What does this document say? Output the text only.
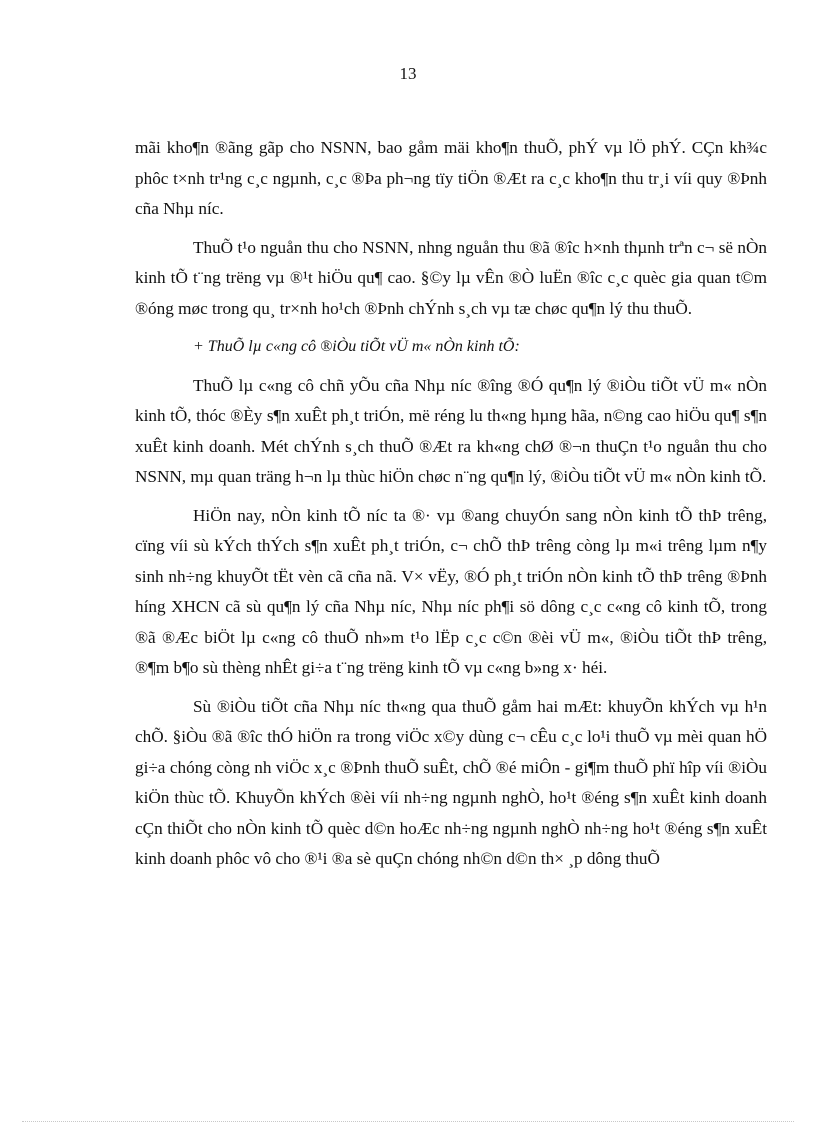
13

mãi kho¶n ®ãng gãp cho NSNN, bao gåm mäi kho¶n thuÕ, phÝ vµ lÖ phÝ. CÇn kh¾c phôc t×nh tr¹ng c¸c ngµnh, c¸c ®Þa ph¬ng tïy tiÖn ®Æt ra c¸c kho¶n thu tr¸i víi quy ®Þnh cña Nhµ níc.

ThuÕ t¹o nguån thu cho NSNN, nhng nguån thu ®ã ®îc h×nh thµnh trªn c¬ së nÒn kinh tÕ t¨ng trëng vµ ®¹t hiÖu qu¶ cao. §©y lµ vÊn ®Ò luËn ®îc c¸c quèc gia quan t©m ®óng møc trong qu¸ tr×nh ho¹ch ®Þnh chÝnh s¸ch vµ tæ chøc qu¶n lý thu thuÕ.

+ ThuÕ lµ c«ng cô ®iÒu tiÕt vÜ m« nÒn kinh tÕ:

ThuÕ lµ c«ng cô chñ yÕu cña Nhµ níc ®îng ®Ó qu¶n lý ®iÒu tiÕt vÜ m« nÒn kinh tÕ, thóc ®Èy s¶n xuÊt ph¸t triÓn, më réng lu th«ng hµng hãa, n©ng cao hiÖu qu¶ s¶n xuÊt kinh doanh. Mét chÝnh s¸ch thuÕ ®Æt ra kh«ng chØ ®¬n thuÇn t¹o nguån thu cho NSNN, mµ quan träng h¬n lµ thùc hiÖn chøc n¨ng qu¶n lý, ®iÒu tiÕt vÜ m« nÒn kinh tÕ.

HiÖn nay, nÒn kinh tÕ níc ta ®· vµ ®ang chuyÓn sang nÒn kinh tÕ thÞ trêng, cïng víi sù kÝch thÝch s¶n xuÊt ph¸t triÓn, c¬ chÕ thÞ trêng còng lµ m«i trêng lµm n¶y sinh nh÷ng khuyÕt tËt vèn cã cña nã. V× vËy, ®Ó ph¸t triÓn nÒn kinh tÕ thÞ trêng ®Þnh híng XHCN cã sù qu¶n lý cña Nhµ níc, Nhµ níc ph¶i sö dông c¸c c«ng cô kinh tÕ, trong ®ã ®Æc biÖt lµ c«ng cô thuÕ nh»m t¹o lËp c¸c c©n ®èi vÜ m«, ®iÒu tiÕt thÞ trêng, ®¶m b¶o sù thèng nhÊt gi÷a t¨ng trëng kinh tÕ vµ c«ng b»ng x· héi.

Sù ®iÒu tiÕt cña Nhµ níc th«ng qua thuÕ gåm hai mÆt: khuyÕn khÝch vµ h¹n chÕ. §iÒu ®ã ®îc thÓ hiÖn ra trong viÖc x©y dùng c¬ cÊu c¸c lo¹i thuÕ vµ mèi quan hÖ gi÷a chóng còng nh viÖc x¸c ®Þnh thuÕ suÊt, chÕ ®é miÔn - gi¶m thuÕ phï hîp víi ®iÒu kiÖn thùc tÕ. KhuyÕn khÝch ®èi víi nh÷ng ngµnh nghÒ, ho¹t ®éng s¶n xuÊt kinh doanh cÇn thiÕt cho nÒn kinh tÕ quèc d©n hoÆc nh÷ng ngµnh nghÒ nh÷ng ho¹t ®éng s¶n xuÊt kinh doanh phôc vô cho ®¹i ®a sè quÇn chóng nh©n d©n th× ¸p dông thuÕ
